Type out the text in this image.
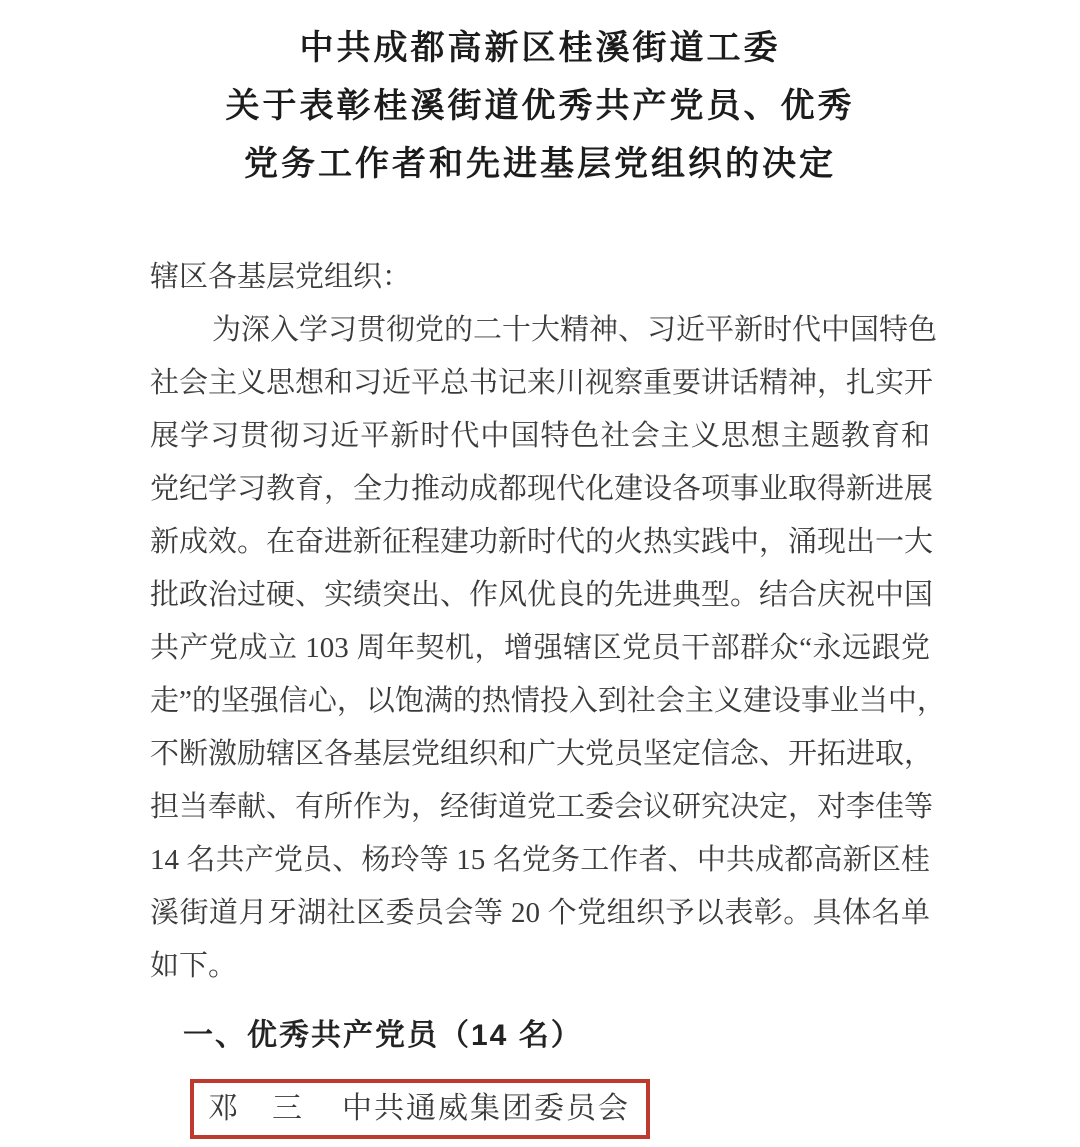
中共成都高新区桂溪街道工委
关于表彰桂溪街道优秀共产党员、优秀
党务工作者和先进基层党组织的决定
辖区各基层党组织：
为深入学习贯彻党的二十大精神、习近平新时代中国特色
社会主义思想和习近平总书记来川视察重要讲话精神，扎实开
展学习贯彻习近平新时代中国特色社会主义思想主题教育和
党纪学习教育，全力推动成都现代化建设各项事业取得新进展
新成效。在奋进新征程建功新时代的火热实践中，涌现出一大
批政治过硬、实绩突出、作风优良的先进典型。结合庆祝中国
共产党成立 103 周年契机，增强辖区党员干部群众“永远跟党
走”的坚强信心，以饱满的热情投入到社会主义建设事业当中，
不断激励辖区各基层党组织和广大党员坚定信念、开拓进取，
担当奉献、有所作为，经街道党工委会议研究决定，对李佳等
14 名共产党员、杨玲等 15 名党务工作者、中共成都高新区桂
溪街道月牙湖社区委员会等 20 个党组织予以表彰。具体名单
如下。
一、优秀共产党员（14 名）
邓　三 中共通威集团委员会
